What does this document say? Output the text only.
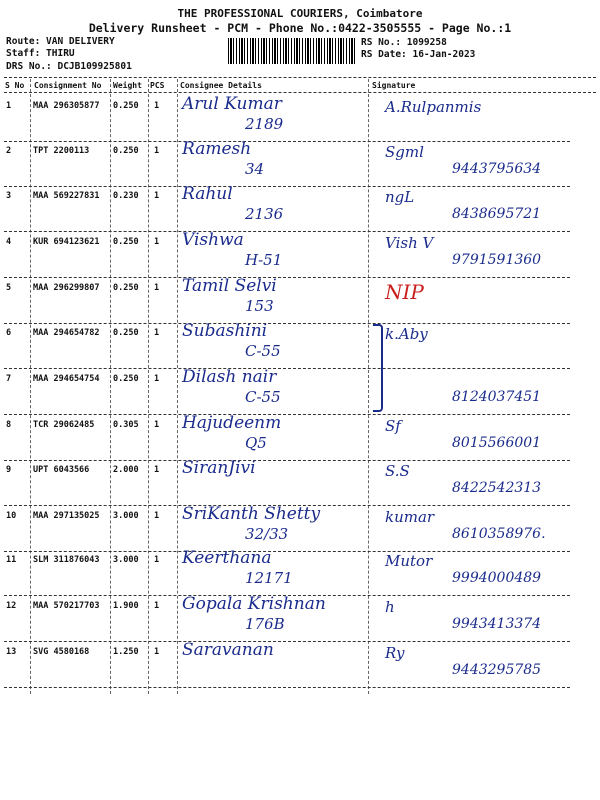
THE PROFESSIONAL COURIERS, Coimbatore
Delivery Runsheet - PCM - Phone No.:0422-3505555 - Page No.:1
Route: VAN DELIVERY
Staff: THIRU
DRS No.: DCJB109925801
RS No.: 1099258
RS Date: 16-Jan-2023
S No Consignment No Weight PCS Consignee Details	Signature
1	MAA 296305877 0.250 1 Arul Kumar
2189
A.Rulpanmis
2	TPT 2200113	0.250 1 Ramesh
34
Sgml
9443795634
3	MAA 569227831 0.230 1 Rahul
2136
ngL
8438695721
4	KUR 694123621 0.250 1 Vishwa
H-51
Vish V
9791591360
5	MAA 296299807 0.250 1 Tamil Selvi
153
NIP
6	MAA 294654782 0.250 1 Subashini
C-55
k.Aby
7	MAA 294654754 0.250 1 Dilash nair
C-55	8124037451
8	TCR 29062485 0.305 1 Hajudeenm
Q5
Sf
8015566001
9	UPT 6043566	2.000 1 SiranJivi	S.S
8422542313
10 MAA 297135025 3.000 1 SriKanth Shetty
32/33
kumar
8610358976.
11 SLM 311876043 3.000 1 Keerthana
12171
Mutor
9994000489
12 MAA 570217703 1.900 1 Gopala Krishnan
176B
h
9943413374
13 SVG 4580168	1.250 1 Saravanan	Ry
9443295785
